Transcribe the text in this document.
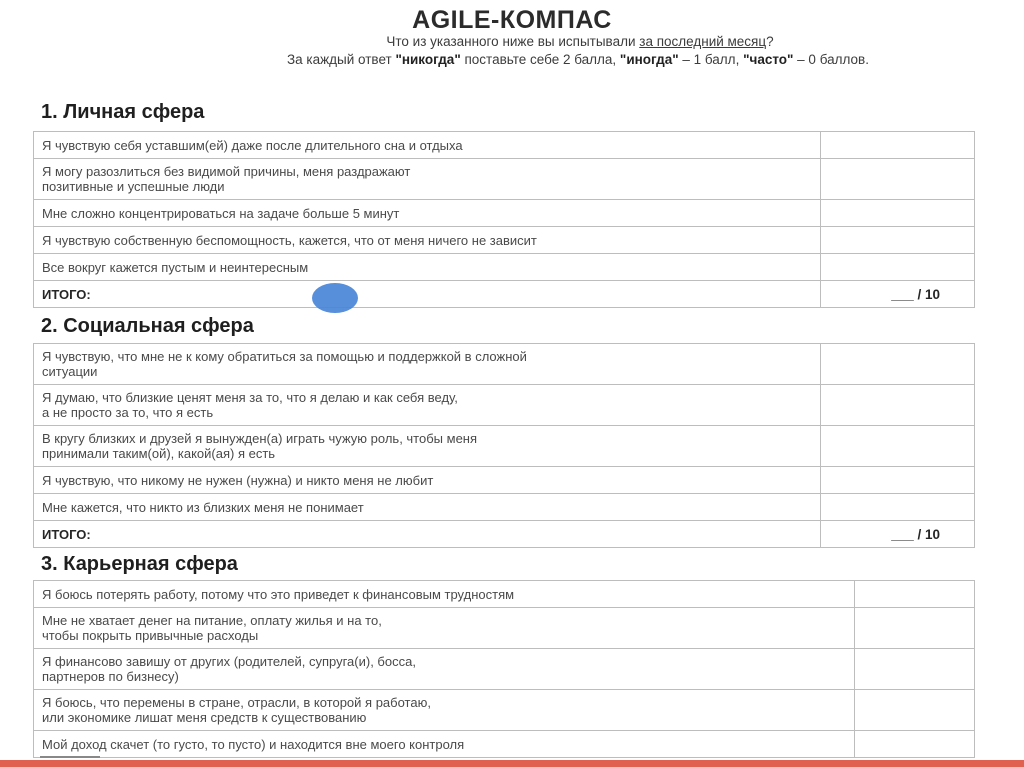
AGILE-КОМПАС
Что из указанного ниже вы испытывали за последний месяц?
За каждый ответ "никогда" поставьте себе 2 балла, "иногда" – 1 балл, "часто" – 0 баллов.
1. Личная сфера
Я чувствую себя уставшим(ей) даже после длительного сна и отдыха	
Я могу разозлиться без видимой причины, меня раздражают
позитивные и успешные люди	
Мне сложно концентрироваться на задаче больше 5 минут	
Я чувствую собственную беспомощность, кажется, что от меня ничего не зависит	
Все вокруг кажется пустым и неинтересным	
ИТОГО:	___ / 10
2. Социальная сфера
Я чувствую, что мне не к кому обратиться за помощью и поддержкой в сложной
ситуации	
Я думаю, что близкие ценят меня за то, что я делаю и как себя веду,
а не просто за то, что я есть	
В кругу близких и друзей я вынужден(а) играть чужую роль, чтобы меня
принимали таким(ой), какой(ая) я есть	
Я чувствую, что никому не нужен (нужна) и никто меня не любит	
Мне кажется, что никто из близких меня не понимает	
ИТОГО:	___ / 10
3. Карьерная сфера
Я боюсь потерять работу, потому что это приведет к финансовым трудностям	
Мне не хватает денег на питание, оплату жилья и на то,
чтобы покрыть привычные расходы	
Я финансово завишу от других (родителей, супруга(и), босса,
партнеров по бизнесу)	
Я боюсь, что перемены в стране, отрасли, в которой я работаю,
или экономике лишат меня средств к существованию	
Мой доход скачет (то густо, то пусто) и находится вне моего контроля	
